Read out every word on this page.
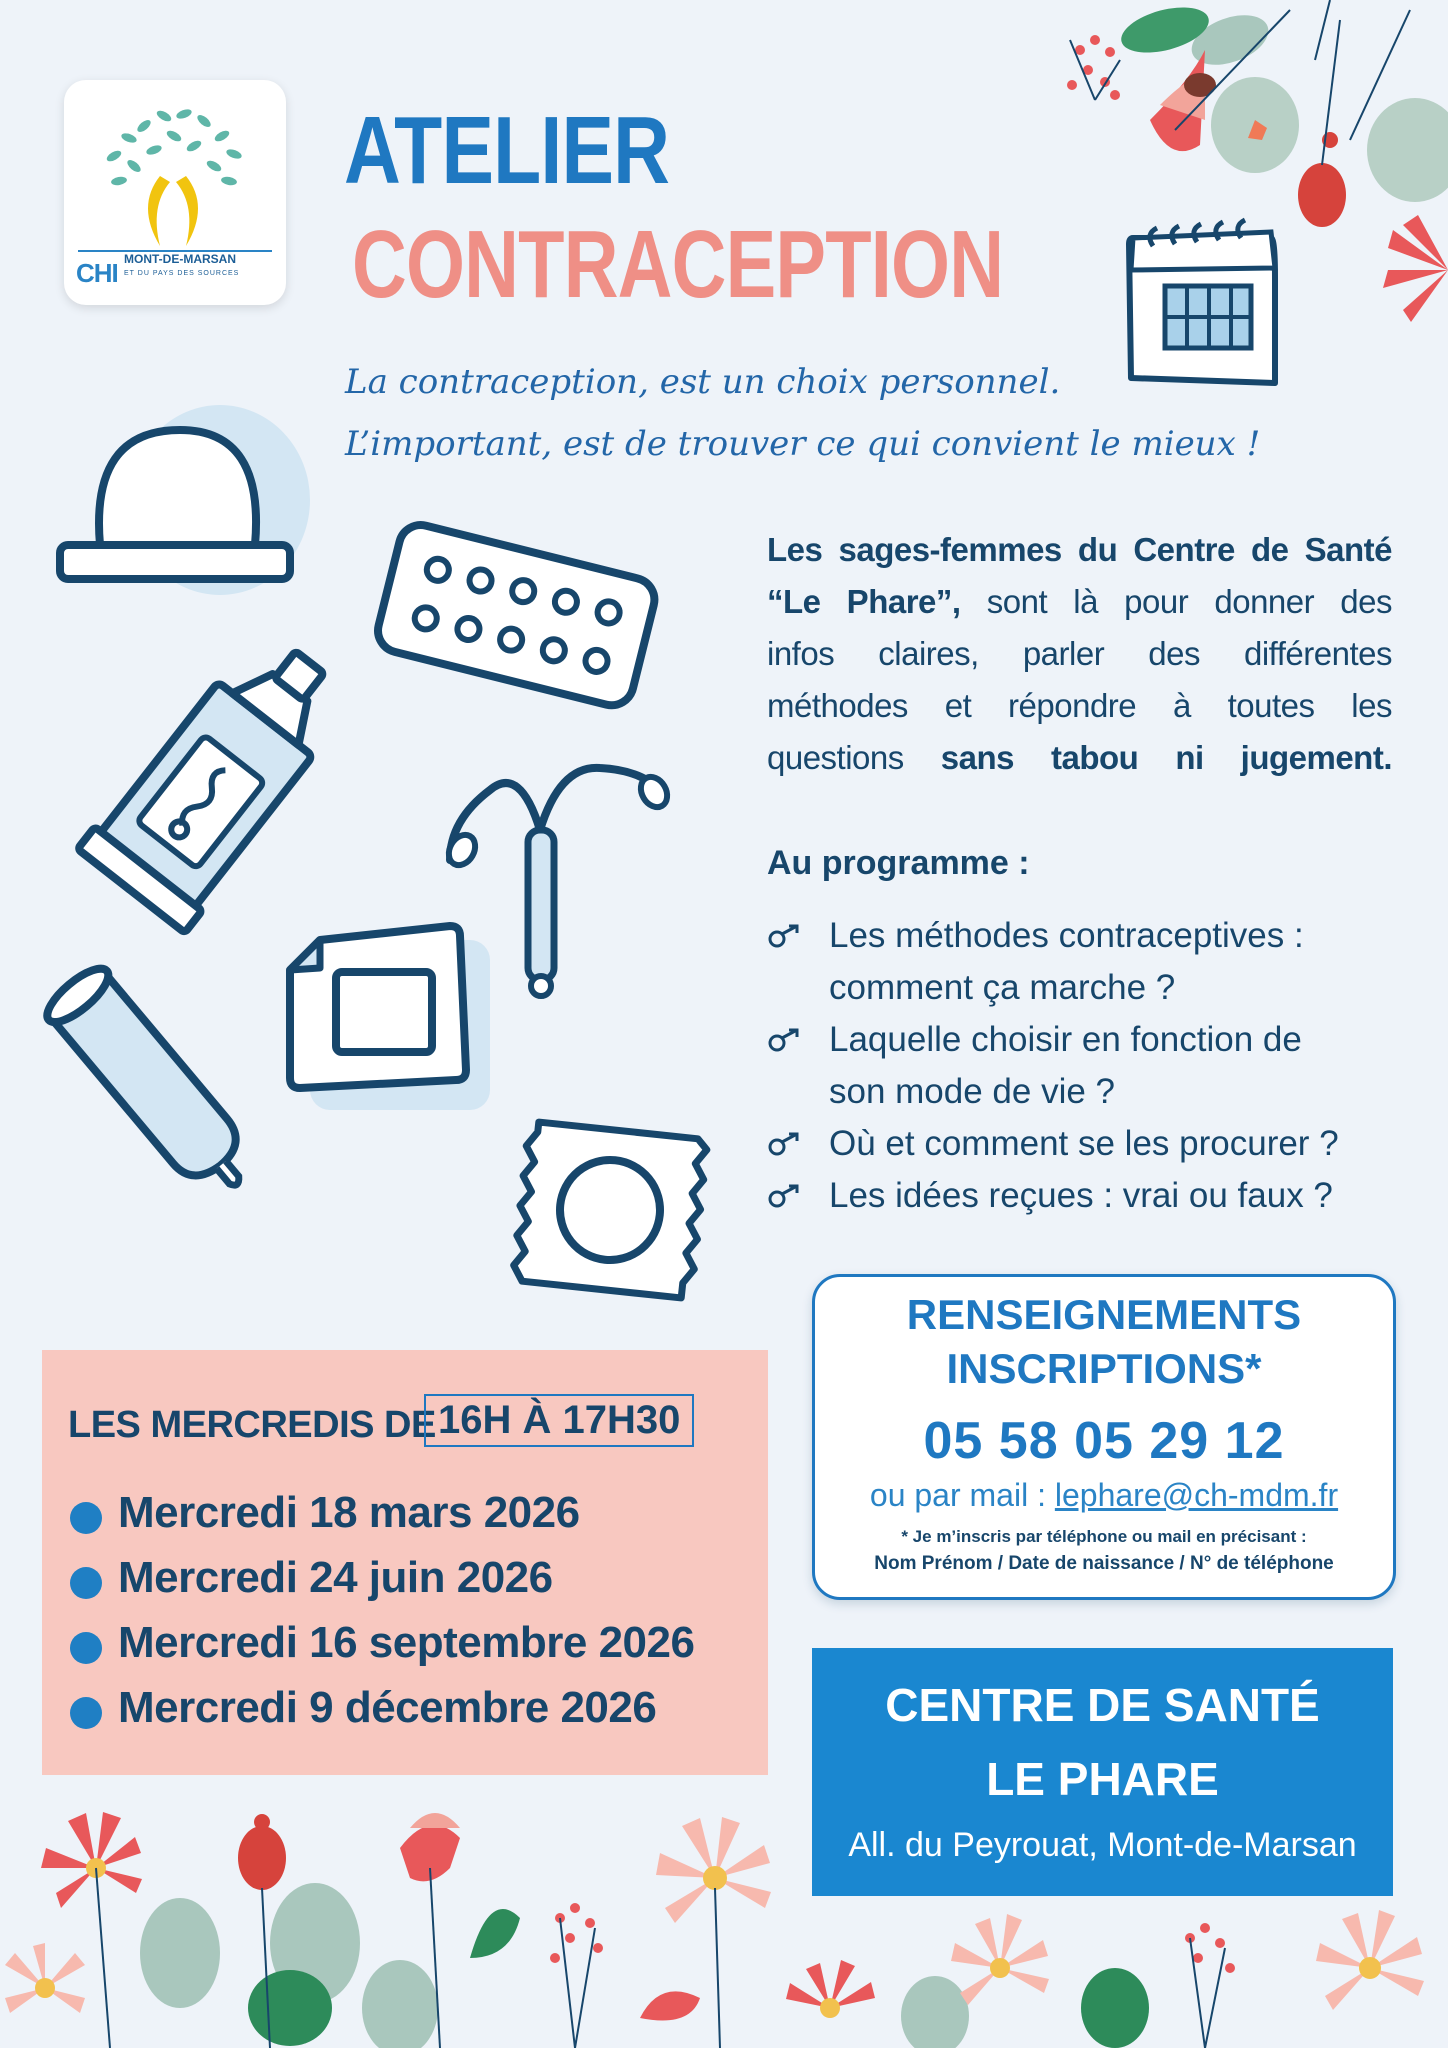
CHI MONT-DE-MARSAN
ET DU PAYS DES SOURCES
ATELIER
CONTRACEPTION
La contraception, est un choix personnel.
L’important, est de trouver ce qui convient le mieux !
Les sages-femmes du Centre de Santé
“Le Phare”, sont là pour donner des
infos claires, parler des différentes
méthodes et répondre à toutes les
questions sans tabou ni jugement.
Au programme :
Les méthodes contraceptives :
comment ça marche ?
Laquelle choisir en fonction de
son mode de vie ?
Où et comment se les procurer ?
Les idées reçues : vrai ou faux ?
LES MERCREDIS DE 16H À 17H30
Mercredi 18 mars 2026
Mercredi 24 juin 2026
Mercredi 16 septembre 2026
Mercredi 9 décembre 2026
RENSEIGNEMENTS
INSCRIPTIONS*
05 58 05 29 12
ou par mail : lephare@ch-mdm.fr
* Je m’inscris par téléphone ou mail en précisant :
Nom Prénom / Date de naissance / N° de téléphone
CENTRE DE SANTÉ
LE PHARE
All. du Peyrouat, Mont-de-Marsan
